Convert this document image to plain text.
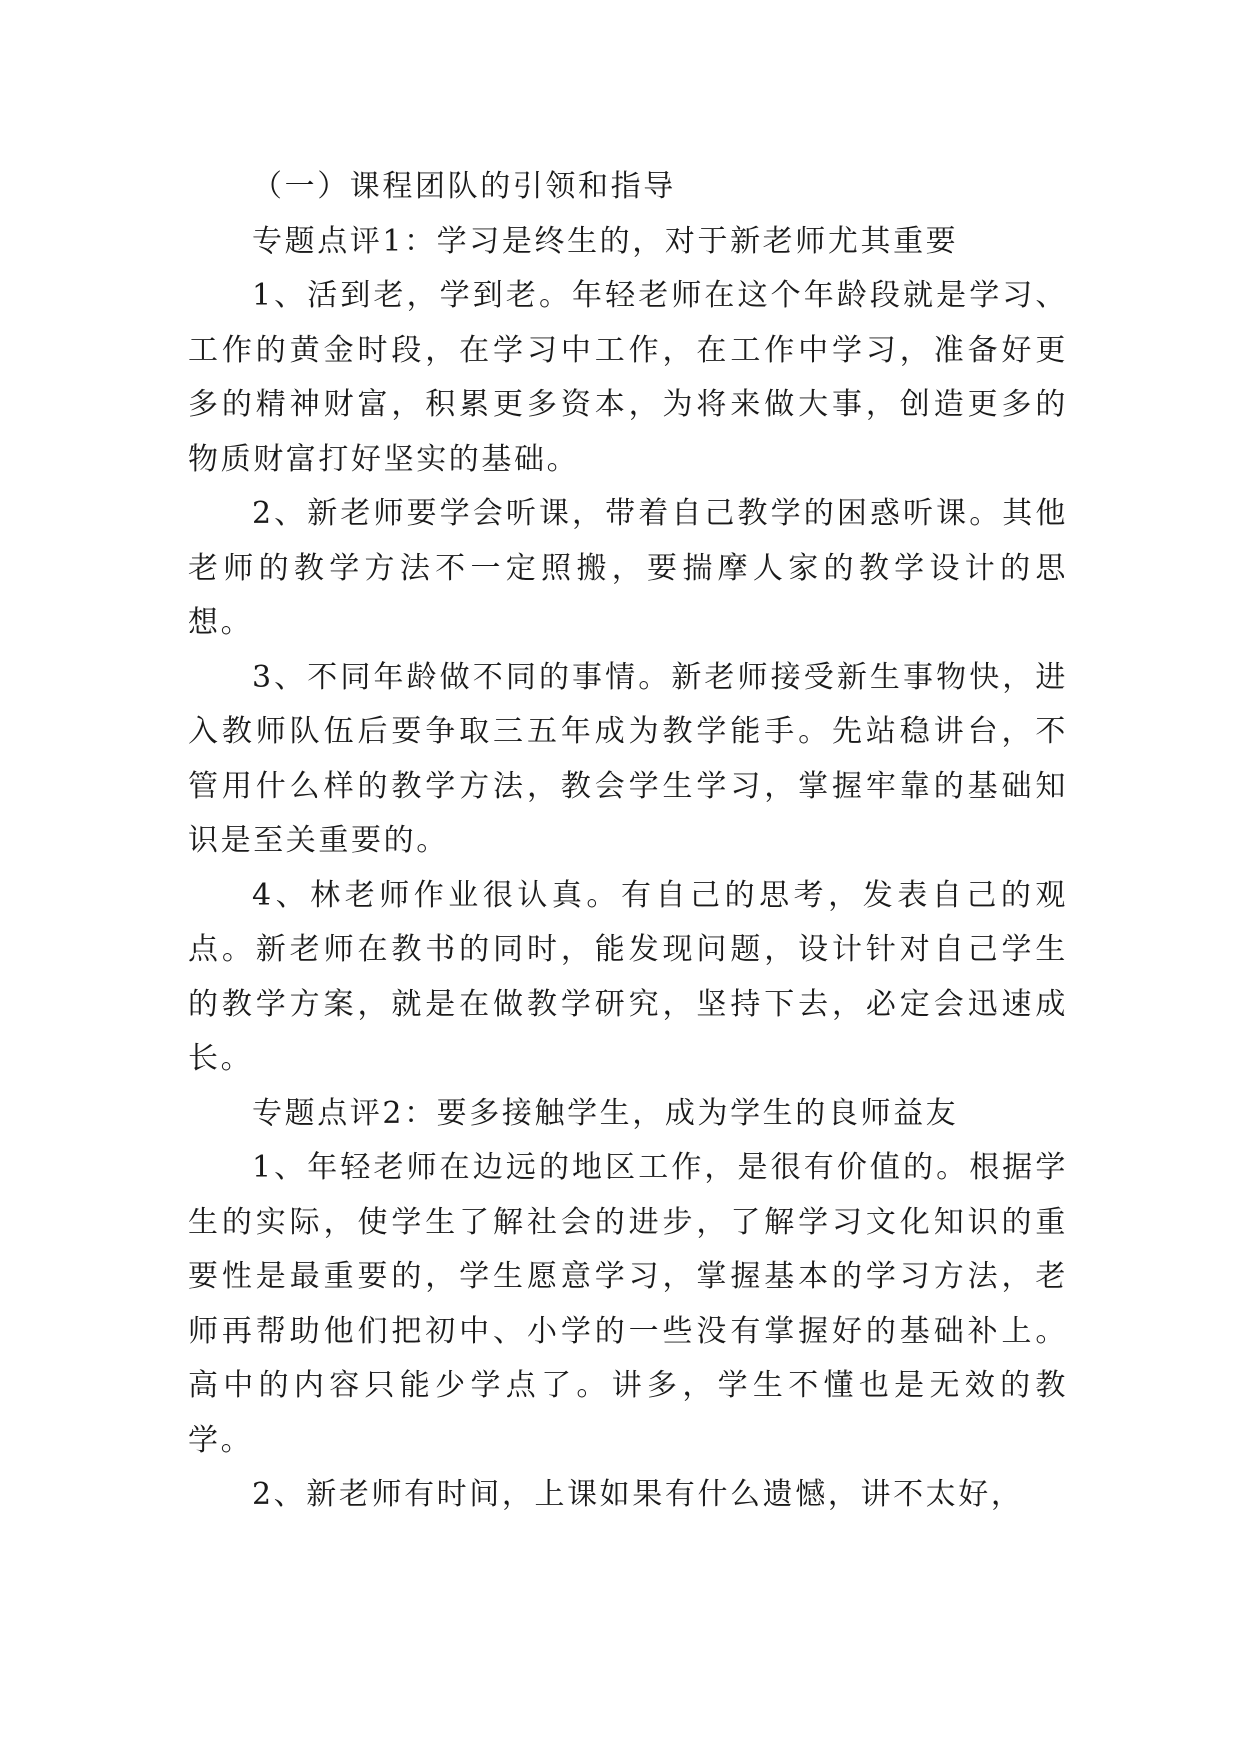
（一）课程团队的引领和指导

专题点评1：学习是终生的，对于新老师尤其重要

1、活到老，学到老。年轻老师在这个年龄段就是学习、工作的黄金时段，在学习中工作，在工作中学习，准备好更多的精神财富，积累更多资本，为将来做大事，创造更多的物质财富打好坚实的基础。

2、新老师要学会听课，带着自己教学的困惑听课。其他老师的教学方法不一定照搬，要揣摩人家的教学设计的思想。

3、不同年龄做不同的事情。新老师接受新生事物快，进入教师队伍后要争取三五年成为教学能手。先站稳讲台，不管用什么样的教学方法，教会学生学习，掌握牢靠的基础知识是至关重要的。

4、林老师作业很认真。有自己的思考，发表自己的观点。新老师在教书的同时，能发现问题，设计针对自己学生的教学方案，就是在做教学研究，坚持下去，必定会迅速成长。

专题点评2：要多接触学生，成为学生的良师益友

1、年轻老师在边远的地区工作，是很有价值的。根据学生的实际，使学生了解社会的进步，了解学习文化知识的重要性是最重要的，学生愿意学习，掌握基本的学习方法，老师再帮助他们把初中、小学的一些没有掌握好的基础补上。高中的内容只能少学点了。讲多，学生不懂也是无效的教学。

2、新老师有时间，上课如果有什么遗憾，讲不太好，
